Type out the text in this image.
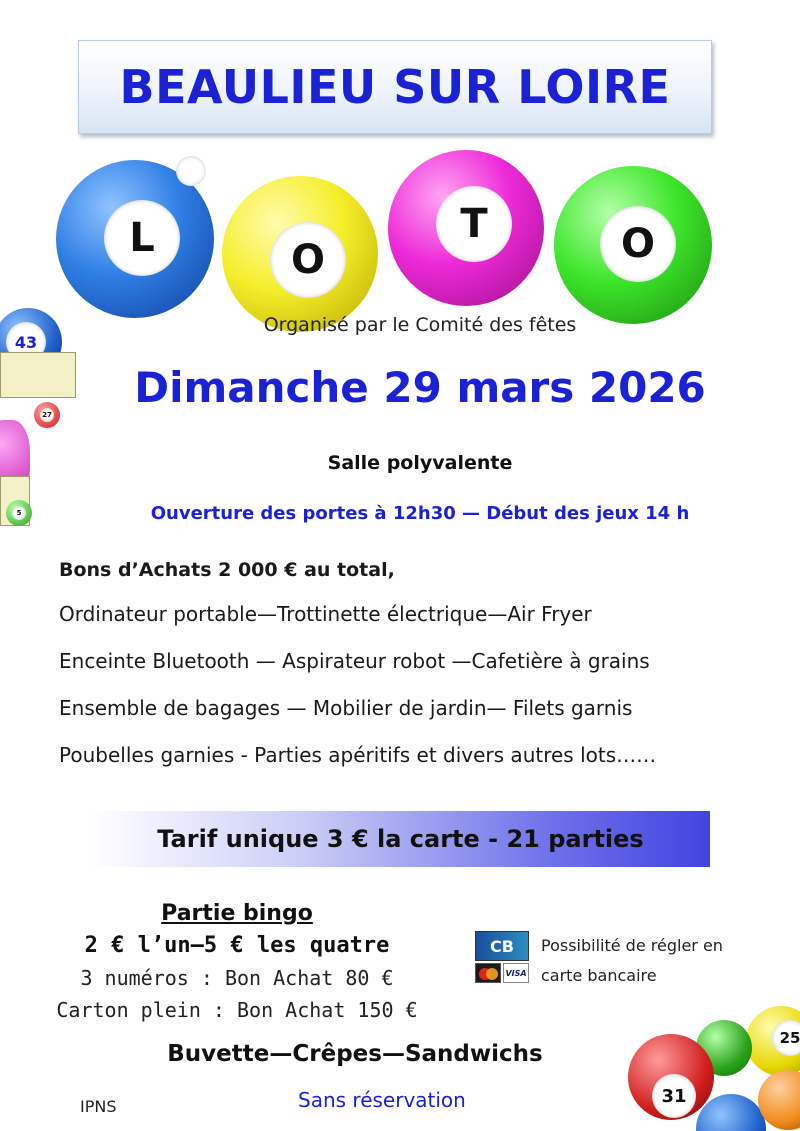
BEAULIEU SUR LOIRE
L	O
T	O
43
27
5
Organisé par le Comité des fêtes
Dimanche 29 mars 2026
Salle polyvalente
Ouverture des portes à 12h30 — Début des jeux 14 h
Bons d’Achats 2 000 € au total,
Ordinateur portable—Trottinette électrique—Air Fryer
Enceinte Bluetooth — Aspirateur robot —Cafetière à grains
Ensemble de bagages — Mobilier de jardin— Filets garnis
Poubelles garnies - Parties apéritifs et divers autres lots……
Tarif unique 3 € la carte - 21 parties
Partie bingo
2 € l’un—5 € les quatre
3 numéros : Bon Achat 80 €
Carton plein : Bon Achat 150 €
CB
VISA
Possibilité de régler en
carte bancaire
Buvette—Crêpes—Sandwichs
IPNS	Sans réservation
25
31
